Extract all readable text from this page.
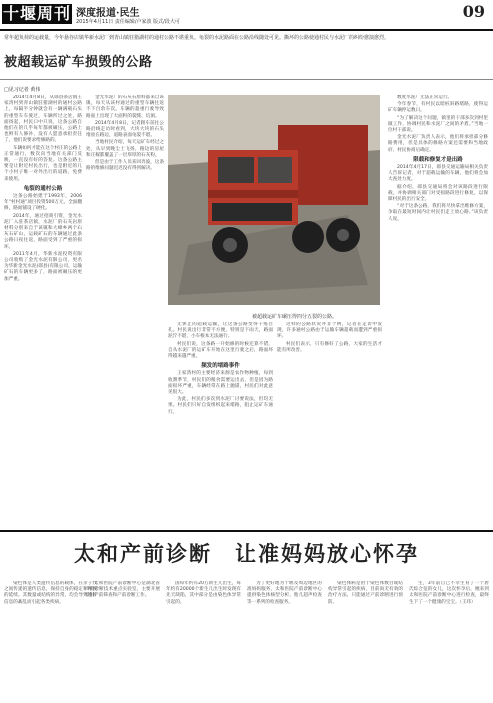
十堰周刊 深度报道·民生
2015年4月11日 责任编辑/卢家波 版式/段大可
09
常年超负荷的运载量，今年悬谷店镇华新水泥厂到青山镇驻猪湖村的通村公路不堪重负。龟裂的水泥路面在公路沿线随处可见。撕坏的公路使通村民与水泥厂的纠纷愈演愈烈。
被超载运矿车损毁的公路
□见习记者 黄伟

2014年4月8日，从郧县茶店镇王家湾村到青山镇驻猪湖村的通村公路上，每隔半分钟就会有一辆满载石头的重型车车驶过，车辆所过之处，路面扬起，村民口中只说，这条公路自他们在的几乎每年都被碾压，公路上也鲜有人修补，没有人愿意承担责任了，他们说要求给修路的。

车辆如何才能在这个村庄的公路上正常通行，数次向当地有关部门反映，一直没有好的答复。这条公路主要是让附近村民出行，也是附近的几个小村子唯一对外出行的道路，免费来使用。

龟裂的通村公路

这条公路始建于1993年，2006年“村村通”项目投资500万元，全面翻修，路面铺设了硬化。

2014年，通过招商引资，金光水泥厂入驻茶店镇，水泥厂的石灰岩原材料分别来自于该镇和大峰乡两个石灰石矿山，运载矿石的车辆通过此条公路日夜往返，路面受到了严重的损坏。

2011年4月，华新水泥投资有限公司收购了金光水泥有限公司，更名为华新金光水泥(郧县)有限公司，运输矿石的车辆更多了，路面被碾压的更加严重。

金光水泥厂的石灰石原料都来自该镇，每天从该村通过的重型车辆往返不下百余车次。车辆的超重行驶导致路面上出现了大面积的裂缝、坑洞。

2014年4月8日，记者跟车前往公路沿线走访时看到，大块大块的石头堆放在路边，道路表面龟裂不堪。

当地村民介绍，每天运矿车经过之处，从早到晚尘土飞扬，路边的房屋和庄稼都覆盖了一层厚厚的石灰粉。

但是由于工作人员来回奔波，这条路的维修问题迟迟没有得到解决。

被超载运矿车碾压得四分五裂的公路。

无休止的超载运输，让这条公路变得千疮百孔。村民说出行非常不方便，特别是下雨天，路面泥泞不堪，小车根本无法通行。

村民们说，这条路一开始修的时候还算不错，自从水泥厂的运矿车开始在这里行驶之后，路面坏得越来越严重。

频发的堵路事件

王家湾村的主要经济来源是农作物种植，每到收割季节，村民们的粮食需要运出去，但是因为路面损坏严重，车辆经常在路上抛锚，村民们对此意见很大。

为此，村民们多次到水泥厂讨要说法，但均无果。村民们只好自发组织起来堵路，阻止运矿车通行。

这样的公路状况并非个例，记者在走访中发现，许多通村公路由于运输车辆超载而遭到严重损坏。

村民们表示，只有修好了公路，大家的生活才能有所改善。

数度水泥厂无法正常运行。

今年春节，有村民以暗桩斜路堵路，使得运矿车辆停运数日。

“为了解决这个问题，镇里的干部多次到村里做工作，协调村民和水泥厂之间的矛盾。”当地一位村干部说。

金光水泥厂负责人表示，他们将承担部分修路费用，但是具体的修路方案还需要和当地政府、村民协商后确定。

限载和修复才是出路

2014年4月17日，郧县交通运输局相关负责人告诉记者，对于超载运输的车辆，他们将会加大查处力度。

据介绍，郧县交通局将会对该路段进行限载，并协调相关部门对受损路段进行修复，以保障村民的出行安全。

“对于这条公路，我们将尽快拿出维修方案，争取在最短时间内让村民们走上放心路。”该负责人说。

太和产前诊断　让准妈妈放心怀孕

染色体是人类遗传信息的载体，在亲子代之间传递的遗传信息，保持自身的稳定和种族的延续。其数量或结构的异常，均会导致遗传信息的紊乱而引起各类疾病。

太和医院产前诊断中心是湖北省产前诊断技术重点实验室，主要开展孕妇产前筛查和产前诊断工作。

国每年约有20万新生儿出生，每年约有20000个新生儿出生时发现有先天缺陷，其中部分是由染色体异常引起的。

为了更好地为十堰及周边地区的准妈妈服务，太和医院产前诊断中心提供染色体核型分析、胎儿超声检查等一系列的检查服务。

染色体病是由于染色体数目或结构异常引起的疾病，目前尚无有效的治疗方法，只能通过产前诊断进行预防。

生，3年前自己不幸生育了一个唐氏综合征的女儿，这次怀孕后，她来到太和医院产前诊断中心进行检查，最终生下了一个健康的宝宝。（王玮）
